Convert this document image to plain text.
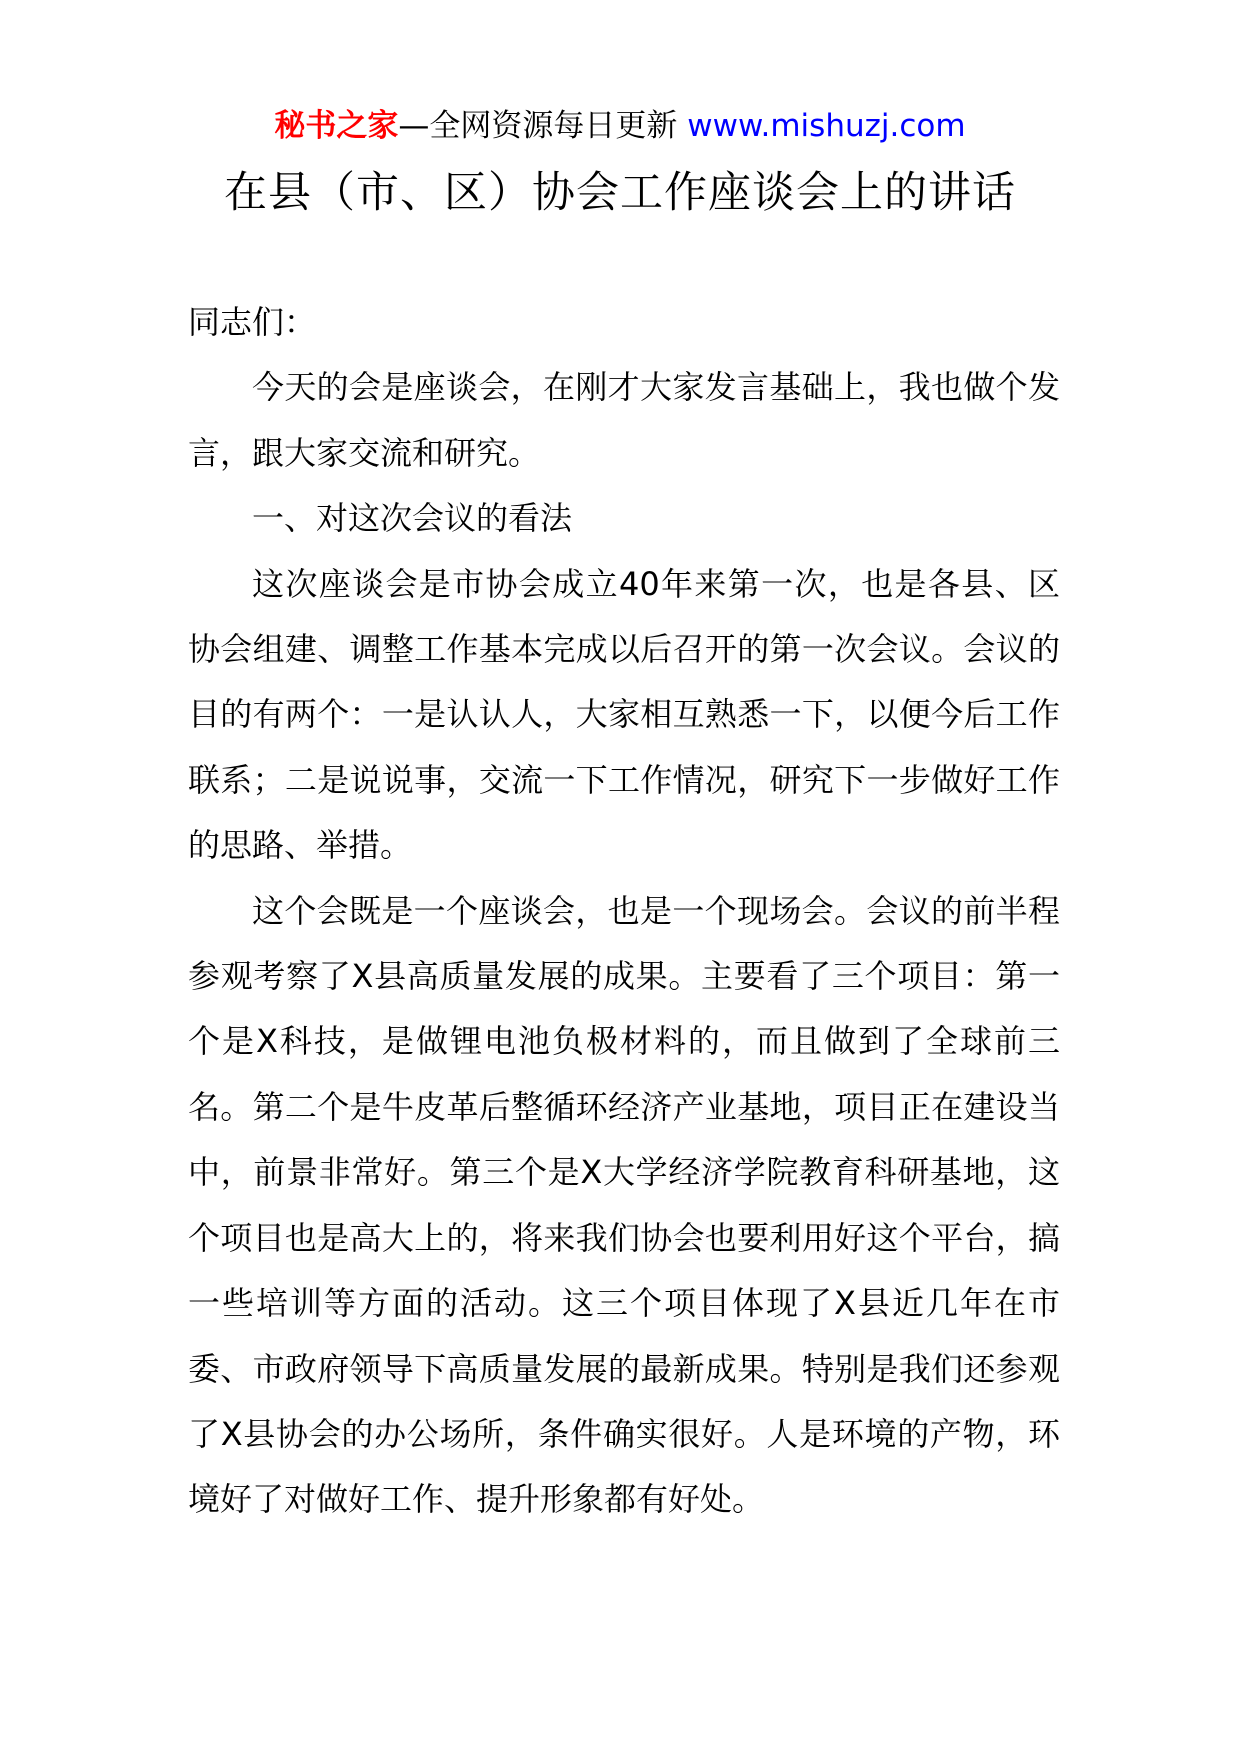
秘书之家—全网资源每日更新 www.mishuzj.com
在县（市、区）协会工作座谈会上的讲话

同志们：

今天的会是座谈会，在刚才大家发言基础上，我也做个发言，跟大家交流和研究。

一、对这次会议的看法

这次座谈会是市协会成立40年来第一次，也是各县、区协会组建、调整工作基本完成以后召开的第一次会议。会议的目的有两个：一是认认人，大家相互熟悉一下，以便今后工作联系；二是说说事，交流一下工作情况，研究下一步做好工作的思路、举措。

这个会既是一个座谈会，也是一个现场会。会议的前半程参观考察了X县高质量发展的成果。主要看了三个项目：第一个是X科技，是做锂电池负极材料的，而且做到了全球前三名。第二个是牛皮革后整循环经济产业基地，项目正在建设当中，前景非常好。第三个是X大学经济学院教育科研基地，这个项目也是高大上的，将来我们协会也要利用好这个平台，搞一些培训等方面的活动。这三个项目体现了X县近几年在市委、市政府领导下高质量发展的最新成果。特别是我们还参观了X县协会的办公场所，条件确实很好。人是环境的产物，环境好了对做好工作、提升形象都有好处。
